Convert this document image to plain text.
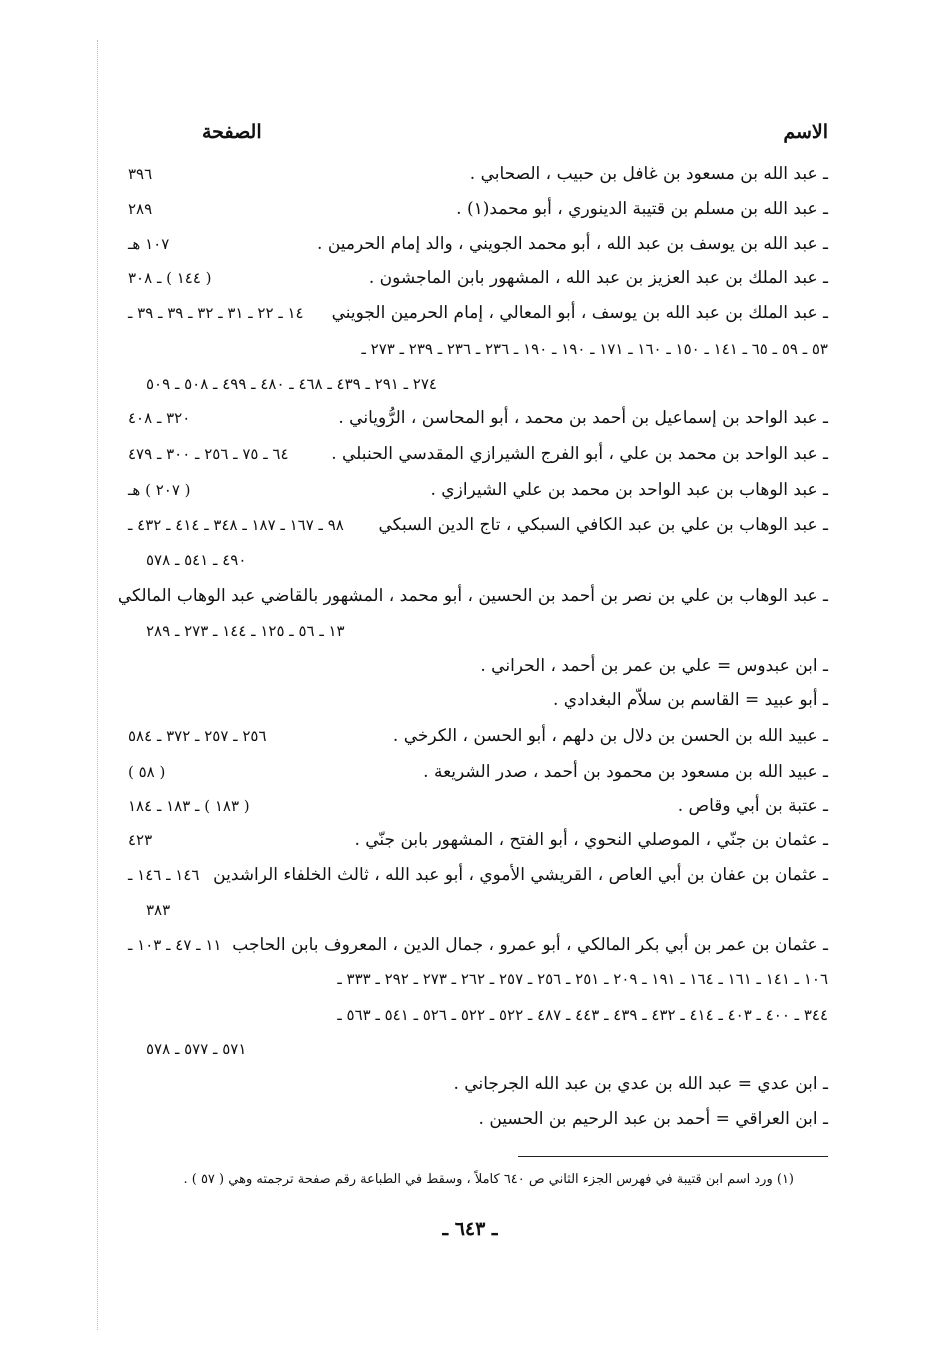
الاسم
الصفحة
ـ عبد الله بن مسعود بن غافل بن حبيب ، الصحابي .
٣٩٦
ـ عبد الله بن مسلم بن قتيبة الدينوري ، أبو محمد(١) .
٢٨٩
ـ عبد الله بن يوسف بن عبد الله ، أبو محمد الجويني ، والد إمام الحرمين .
١٠٧ هـ
ـ عبد الملك بن عبد العزيز بن عبد الله ، المشهور بابن الماجشون .
( ١٤٤ ) ـ ٣٠٨
ـ عبد الملك بن عبد الله بن يوسف ، أبو المعالي ، إمام الحرمين الجويني
١٤ ـ ٢٢ ـ ٣١ ـ ٣٢ ـ ٣٩ ـ ٣٩ ـ
٥٣ ـ ٥٩ ـ ٦٥ ـ ١٤١ ـ ١٥٠ ـ ١٦٠ ـ ١٧١ ـ ١٩٠ ـ ١٩٠ ـ ٢٣٦ ـ ٢٣٦ ـ ٢٣٩ ـ ٢٧٣ ـ
٢٧٤ ـ ٢٩١ ـ ٤٣٩ ـ ٤٦٨ ـ ٤٨٠ ـ ٤٩٩ ـ ٥٠٨ ـ ٥٠٩
ـ عبد الواحد بن إسماعيل بن أحمد بن محمد ، أبو المحاسن ، الرُّوياني .
٣٢٠ ـ ٤٠٨
ـ عبد الواحد بن محمد بن علي ، أبو الفرج الشيرازي المقدسي الحنبلي .
٦٤ ـ ٧٥ ـ ٢٥٦ ـ ٣٠٠ ـ ٤٧٩
ـ عبد الوهاب بن عبد الواحد بن محمد بن علي الشيرازي .
( ٢٠٧ ) هـ
ـ عبد الوهاب بن علي بن عبد الكافي السبكي ، تاج الدين السبكي
٩٨ ـ ١٦٧ ـ ١٨٧ ـ ٣٤٨ ـ ٤١٤ ـ ٤٣٢ ـ
٤٩٠ ـ ٥٤١ ـ ٥٧٨
ـ عبد الوهاب بن علي بن نصر بن أحمد بن الحسين ، أبو محمد ، المشهور بالقاضي عبد الوهاب المالكي
١٣ ـ ٥٦ ـ ١٢٥ ـ ١٤٤ ـ ٢٧٣ ـ ٢٨٩
ـ ابن عبدوس = علي بن عمر بن أحمد ، الحراني .
ـ أبو عبيد = القاسم بن سلاّم البغدادي .
ـ عبيد الله بن الحسن بن دلال بن دلهم ، أبو الحسن ، الكرخي .
٢٥٦ ـ ٢٥٧ ـ ٣٧٢ ـ ٥٨٤
ـ عبيد الله بن مسعود بن محمود بن أحمد ، صدر الشريعة .
( ٥٨ )
ـ عتبة بن أبي وقاص .
( ١٨٣ ) ـ ١٨٣ ـ ١٨٤
ـ عثمان بن جنّي ، الموصلي النحوي ، أبو الفتح ، المشهور بابن جنّي .
٤٢٣
ـ عثمان بن عفان بن أبي العاص ، القريشي الأموي ، أبو عبد الله ، ثالث الخلفاء الراشدين
١٤٦ ـ ١٤٦ ـ
٣٨٣
ـ عثمان بن عمر بن أبي بكر المالكي ، أبو عمرو ، جمال الدين ، المعروف بابن الحاجب
١١ ـ ٤٧ ـ ١٠٣ ـ
١٠٦ ـ ١٤١ ـ ١٦١ ـ ١٦٤ ـ ١٩١ ـ ٢٠٩ ـ ٢٥١ ـ ٢٥٦ ـ ٢٥٧ ـ ٢٦٢ ـ ٢٧٣ ـ ٢٩٢ ـ ٣٣٣ ـ
٣٤٤ ـ ٤٠٠ ـ ٤٠٣ ـ ٤١٤ ـ ٤٣٢ ـ ٤٣٩ ـ ٤٤٣ ـ ٤٨٧ ـ ٥٢٢ ـ ٥٢٢ ـ ٥٢٦ ـ ٥٤١ ـ ٥٦٣ ـ
٥٧١ ـ ٥٧٧ ـ ٥٧٨
ـ ابن عدي = عبد الله بن عدي بن عبد الله الجرجاني .
ـ ابن العراقي = أحمد بن عبد الرحيم بن الحسين .
(١) ورد اسم ابن قتيبة في فهرس الجزء الثاني ص ٦٤٠ كاملاً ، وسقط في الطباعة رقم صفحة ترجمته وهي ( ٥٧ ) .
ـ ٦٤٣ ـ
